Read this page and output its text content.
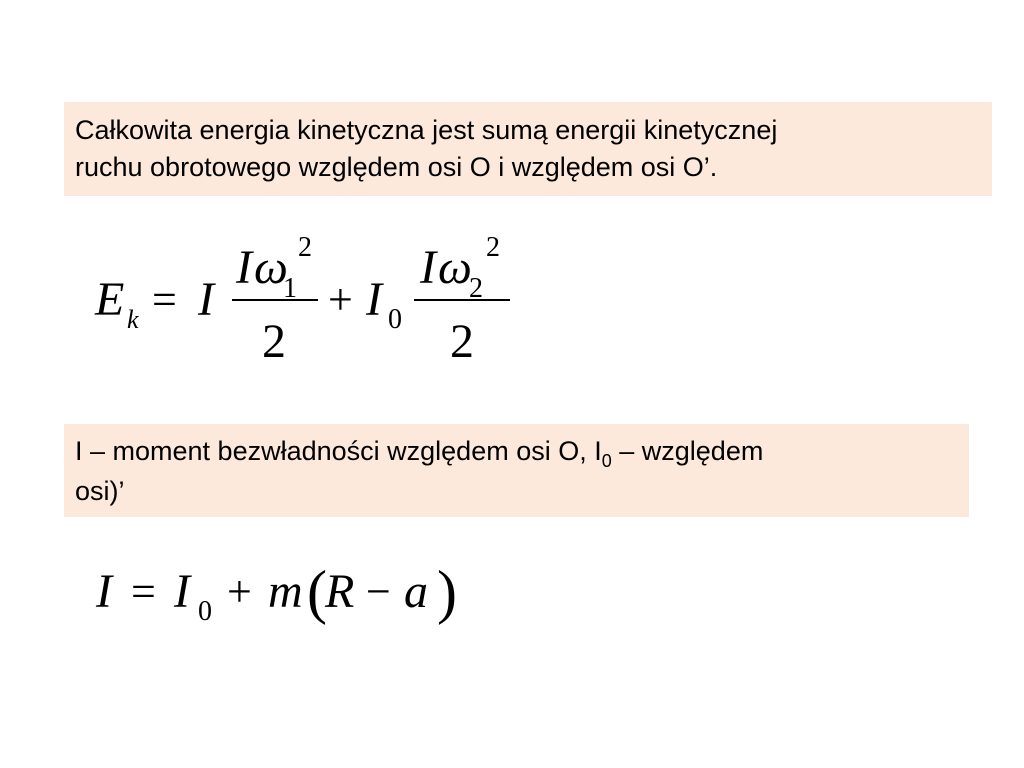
Całkowita energia kinetyczna jest sumą energii kinetycznej
ruchu obrotowego względem osi O i względem osi O’.
E I
I ω
I
I ω
k =	+
1
2
0
2
2
2	2
I – moment bezwładności względem osi O, $I_0$ – względem
osi)’
I I m R a
0
= +	−
( )
